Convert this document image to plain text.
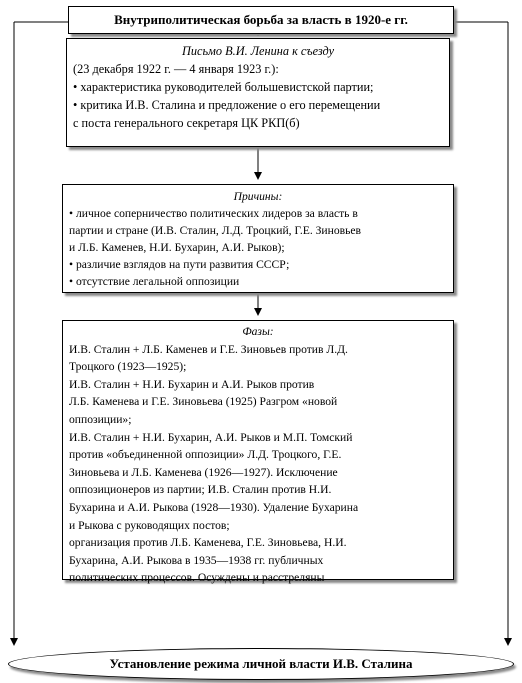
Внутриполитическая борьба за власть в 1920-е гг.

Письмо В.И. Ленина к съезду

(23 декабря 1922 г. — 4 января 1923 г.):

• характеристика руководителей большевистской партии;

• критика И.В. Сталина и предложение о его перемещении

с поста генерального секретаря ЦК РКП(б)

Причины:

• личное соперничество политических лидеров за власть в

партии и стране (И.В. Сталин, Л.Д. Троцкий, Г.Е. Зиновьев

и Л.Б. Каменев, Н.И. Бухарин, А.И. Рыков);

• различие взглядов на пути развития СССР;

• отсутствие легальной оппозиции

Фазы:

И.В. Сталин + Л.Б. Каменев и Г.Е. Зиновьев против Л.Д.

Троцкого (1923—1925);

И.В. Сталин + Н.И. Бухарин и А.И. Рыков против

Л.Б. Каменева и Г.Е. Зиновьева (1925) Разгром «новой

оппозиции»;

И.В. Сталин + Н.И. Бухарин, А.И. Рыков и М.П. Томский

против «объединенной оппозиции» Л.Д. Троцкого, Г.Е.

Зиновьева и Л.Б. Каменева (1926—1927). Исключение

оппозиционеров из партии; И.В. Сталин против Н.И.

Бухарина и А.И. Рыкова (1928—1930). Удаление Бухарина

и Рыкова с руководящих постов;

организация против Л.Б. Каменева, Г.Е. Зиновьева, Н.И.

Бухарина, А.И. Рыкова в 1935—1938 гг. публичных

политических процессов. Осуждены и расстреляны

Установление режима личной власти И.В. Сталина
